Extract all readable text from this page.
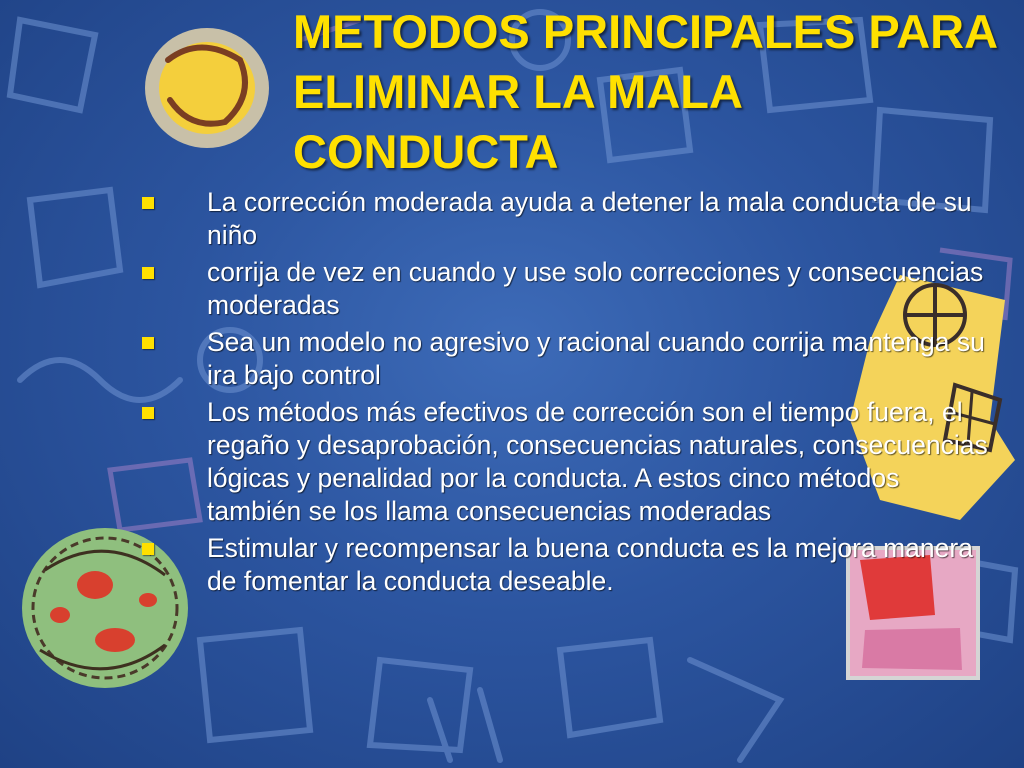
METODOS PRINCIPALES PARA ELIMINAR LA MALA CONDUCTA
La corrección moderada ayuda a detener la mala conducta de su niño
corrija de vez en cuando y use solo correcciones y consecuencias moderadas
Sea un modelo no agresivo y racional cuando corrija mantenga su ira bajo control
Los métodos más efectivos de corrección son el tiempo fuera, el regaño y desaprobación, consecuencias naturales, consecuencias lógicas y penalidad por la conducta. A estos cinco métodos también se los llama consecuencias moderadas
Estimular y recompensar la buena conducta es la mejora manera de fomentar la conducta deseable.
